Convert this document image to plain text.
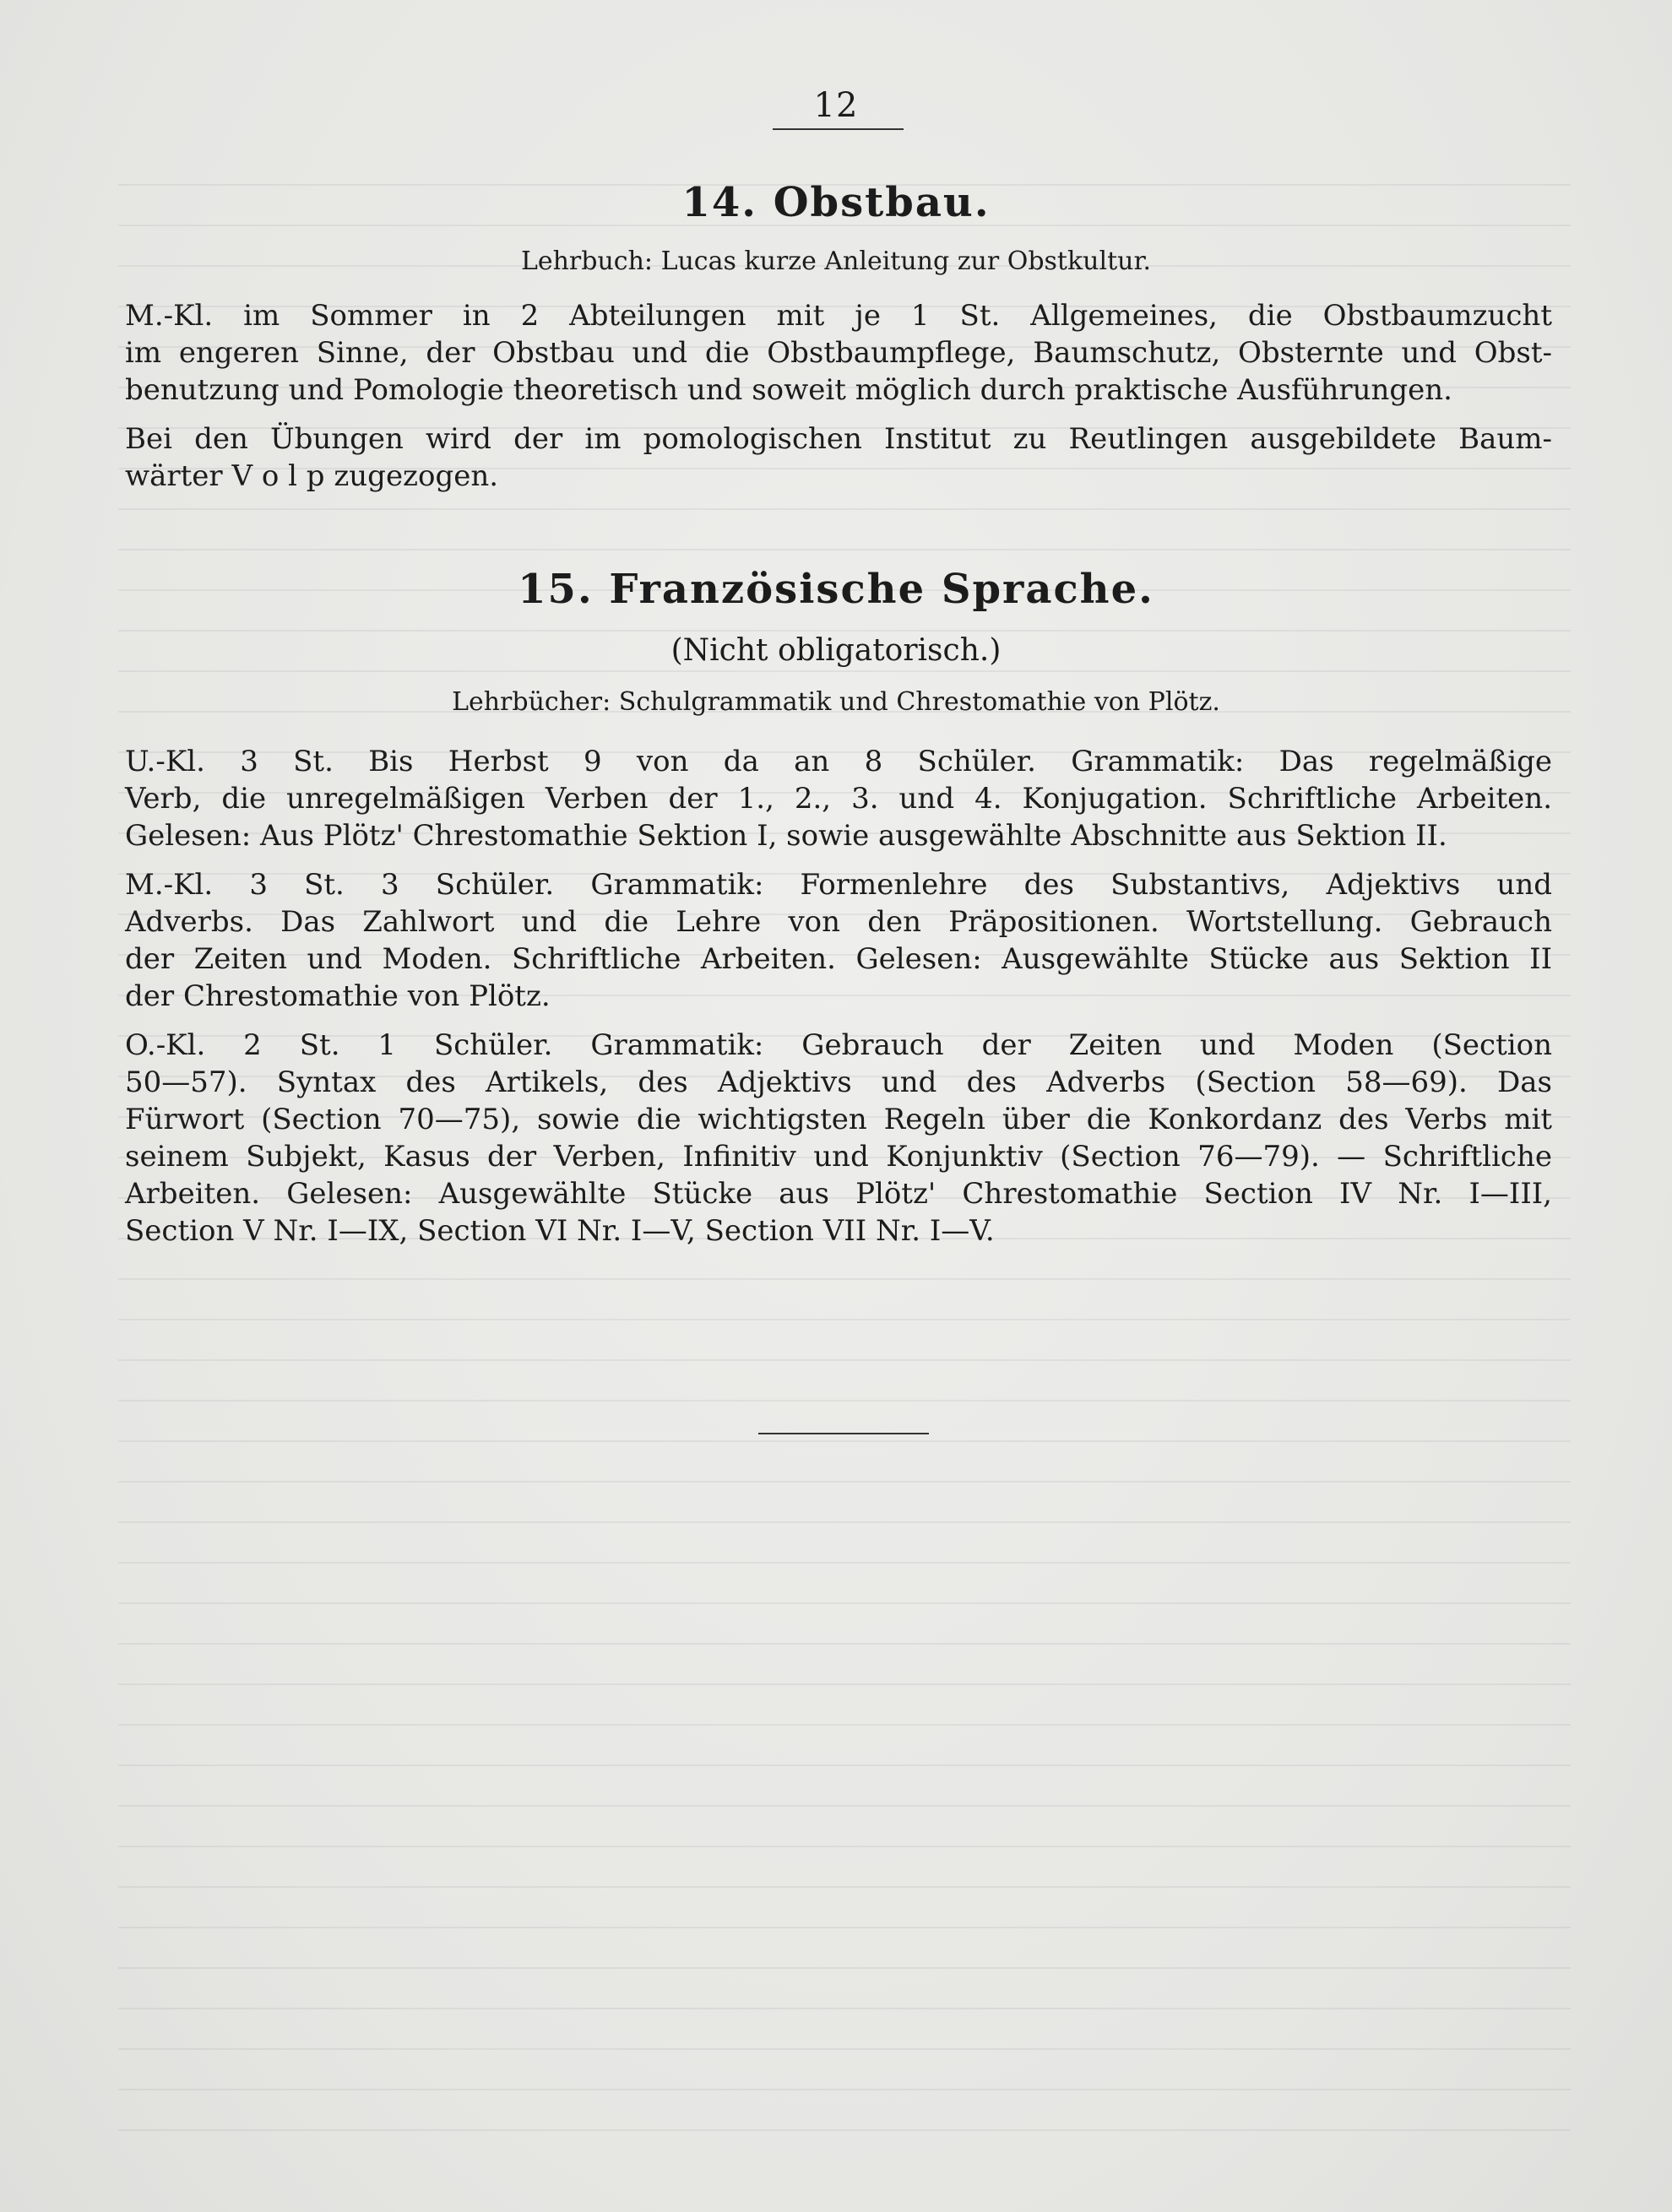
12
14. Obstbau.
Lehrbuch: Lucas kurze Anleitung zur Obstkultur.
M.-Kl. im Sommer in 2 Abteilungen mit je 1 St. Allgemeines, die Obstbaumzucht
im engeren Sinne, der Obstbau und die Obstbaumpflege, Baumschutz, Obsternte und Obst-
benutzung und Pomologie theoretisch und soweit möglich durch praktische Ausführungen.
Bei den Übungen wird der im pomologischen Institut zu Reutlingen ausgebildete Baum-
wärter V o l p zugezogen.
15. Französische Sprache.
(Nicht obligatorisch.)
Lehrbücher: Schulgrammatik und Chrestomathie von Plötz.
U.-Kl. 3 St. Bis Herbst 9 von da an 8 Schüler. Grammatik: Das regelmäßige
Verb, die unregelmäßigen Verben der 1., 2., 3. und 4. Konjugation. Schriftliche Arbeiten.
Gelesen: Aus Plötz' Chrestomathie Sektion I, sowie ausgewählte Abschnitte aus Sektion II.
M.-Kl. 3 St. 3 Schüler. Grammatik: Formenlehre des Substantivs, Adjektivs und
Adverbs. Das Zahlwort und die Lehre von den Präpositionen. Wortstellung. Gebrauch
der Zeiten und Moden. Schriftliche Arbeiten. Gelesen: Ausgewählte Stücke aus Sektion II
der Chrestomathie von Plötz.
O.-Kl. 2 St. 1 Schüler. Grammatik: Gebrauch der Zeiten und Moden (Section
50—57). Syntax des Artikels, des Adjektivs und des Adverbs (Section 58—69). Das
Fürwort (Section 70—75), sowie die wichtigsten Regeln über die Konkordanz des Verbs mit
seinem Subjekt, Kasus der Verben, Infinitiv und Konjunktiv (Section 76—79). — Schriftliche
Arbeiten. Gelesen: Ausgewählte Stücke aus Plötz' Chrestomathie Section IV Nr. I—III,
Section V Nr. I—IX, Section VI Nr. I—V, Section VII Nr. I—V.
